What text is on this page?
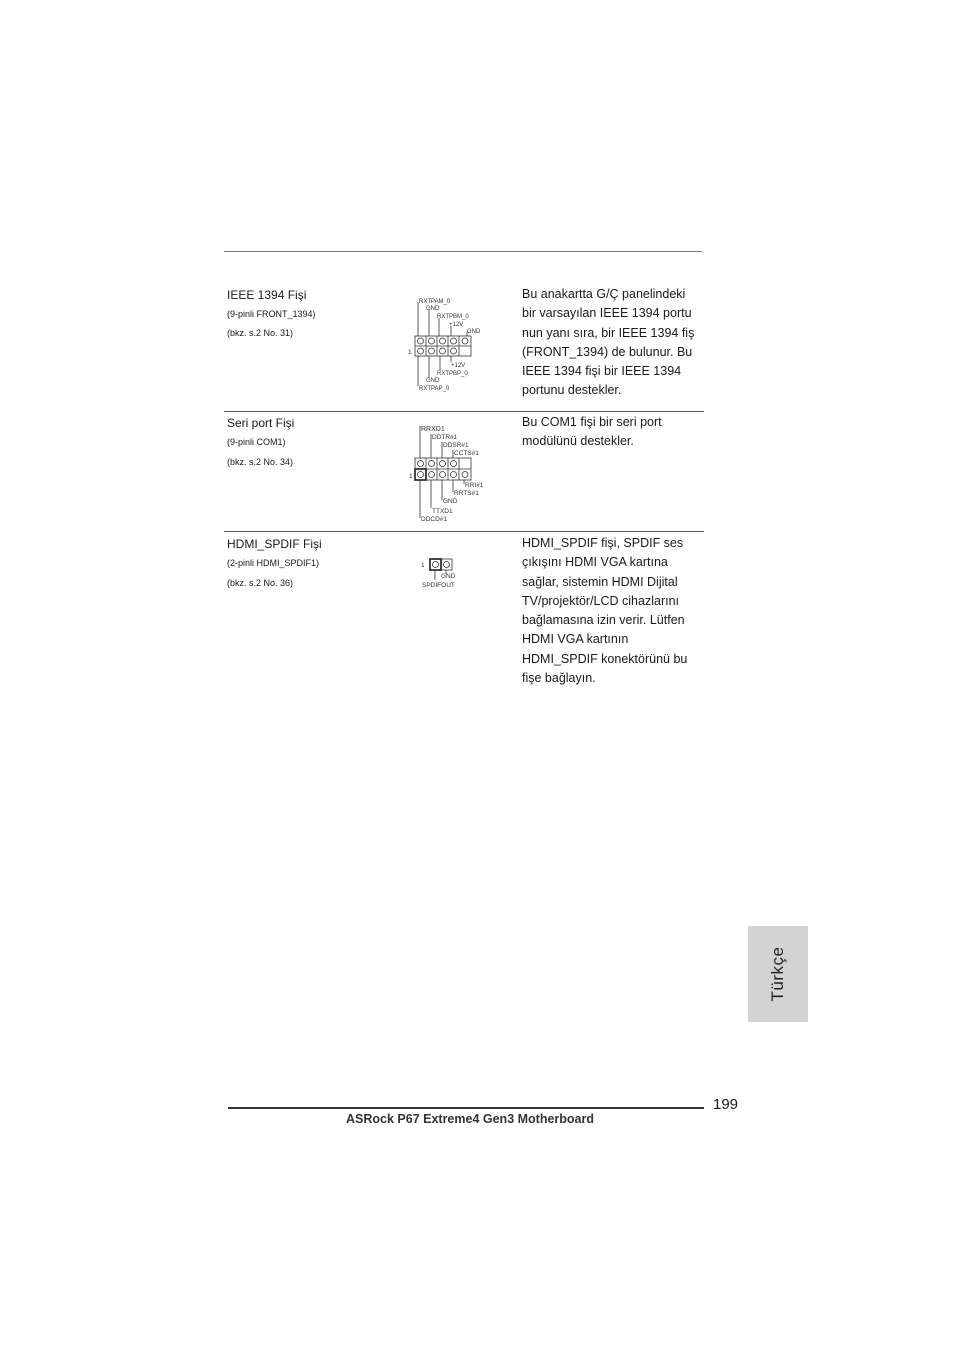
IEEE 1394 Fişi
(9-pinli FRONT_1394)
(bkz. s.2 No. 31)
RXTPAM_0
GND
RXTPBM_0
+12V
GND
+12V
RXTPBP_0
GND
RXTPAP_0
1
Bu anakartta G/Ç panelindeki
bir varsayılan IEEE 1394 portu
nun yanı sıra, bir IEEE 1394 fiş
(FRONT_1394) de bulunur. Bu
IEEE 1394 fişi bir IEEE 1394
portunu destekler.
Seri port Fişi
(9-pinli COM1)
(bkz. s.2 No. 34)
RRXD1
DDTR#1
DDSR#1
CCTS#1
RRI#1
RRTS#1
GND
TTXD1
DDCD#1
1
Bu COM1 fişi bir seri port
modülünü destekler.
HDMI_SPDIF Fişi
(2-pinli HDMI_SPDIF1)
(bkz. s.2 No. 36)
1
GND
SPDIFOUT
HDMI_SPDIF fişi, SPDIF ses
çıkışını HDMI VGA kartına
sağlar, sistemin HDMI Dijital
TV/projektör/LCD cihazlarını
bağlamasına izin verir. Lütfen
HDMI VGA kartının
HDMI_SPDIF konektörünü bu
fişe bağlayın.
Türkçe
199
ASRock P67 Extreme4 Gen3 Motherboard
